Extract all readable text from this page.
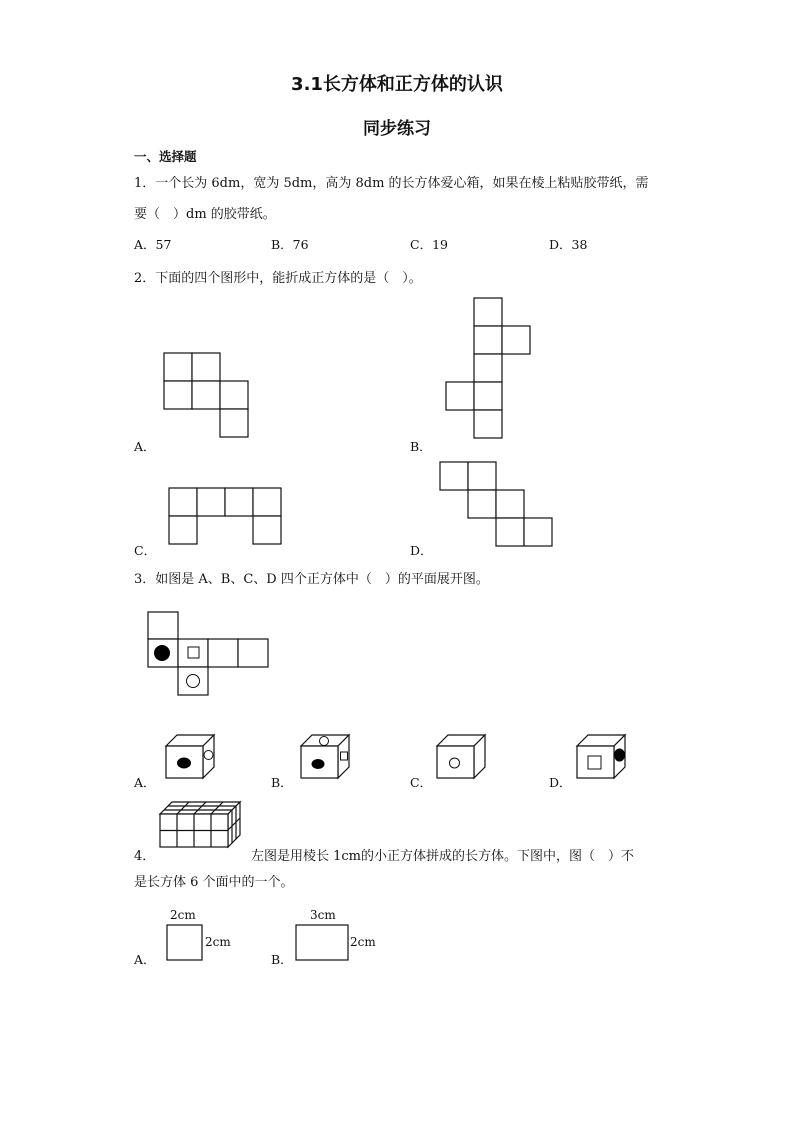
3.1长方体和正方体的认识
同步练习
一、选择题
1．一个长为 6dm，宽为 5dm，高为 8dm 的长方体爱心箱，如果在棱上粘贴胶带纸，需
要（　）dm 的胶带纸。
A．57	B．76	C．19	D．38
2．下面的四个图形中，能折成正方体的是（　）。
A．	B．
C．	D．
3．如图是 A、B、C、D 四个正方体中（　）的平面展开图。
A．	B．	C．	D．
4．	左图是用棱长 1cm的小正方体拼成的长方体。下图中，图（　）不
是长方体 6 个面中的一个。
2cm
2cm
A．
3cm
2cm
B．
